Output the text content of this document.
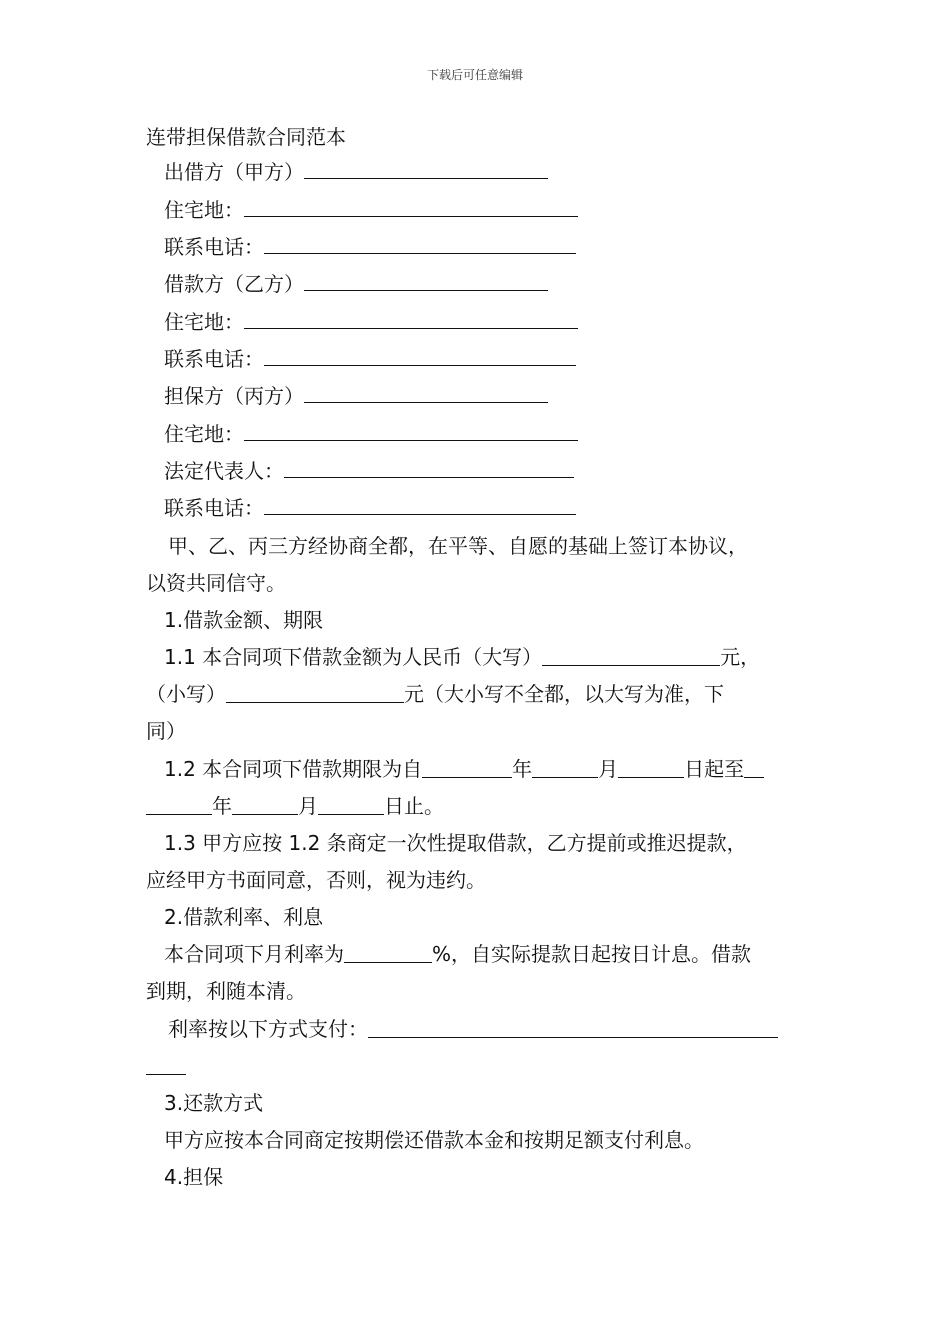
下载后可任意编辑
连带担保借款合同范本
出借方（甲方）
住宅地：
联系电话：
借款方（乙方）
住宅地：
联系电话：
担保方（丙方）
住宅地：
法定代表人：
联系电话：
甲、乙、丙三方经协商全都，在平等、自愿的基础上签订本协议，
以资共同信守。
1.借款金额、期限
1.1 本合同项下借款金额为人民币（大写）	元，
（小写）	元（大小写不全都，以大写为准，下
同）
1.2 本合同项下借款期限为自	年	月	日起至
年	月	日止。
1.3 甲方应按 1.2 条商定一次性提取借款，乙方提前或推迟提款，
应经甲方书面同意，否则，视为违约。
2.借款利率、利息
本合同项下月利率为	%，自实际提款日起按日计息。借款
到期，利随本清。
利率按以下方式支付：
3.还款方式
甲方应按本合同商定按期偿还借款本金和按期足额支付利息。
4.担保
